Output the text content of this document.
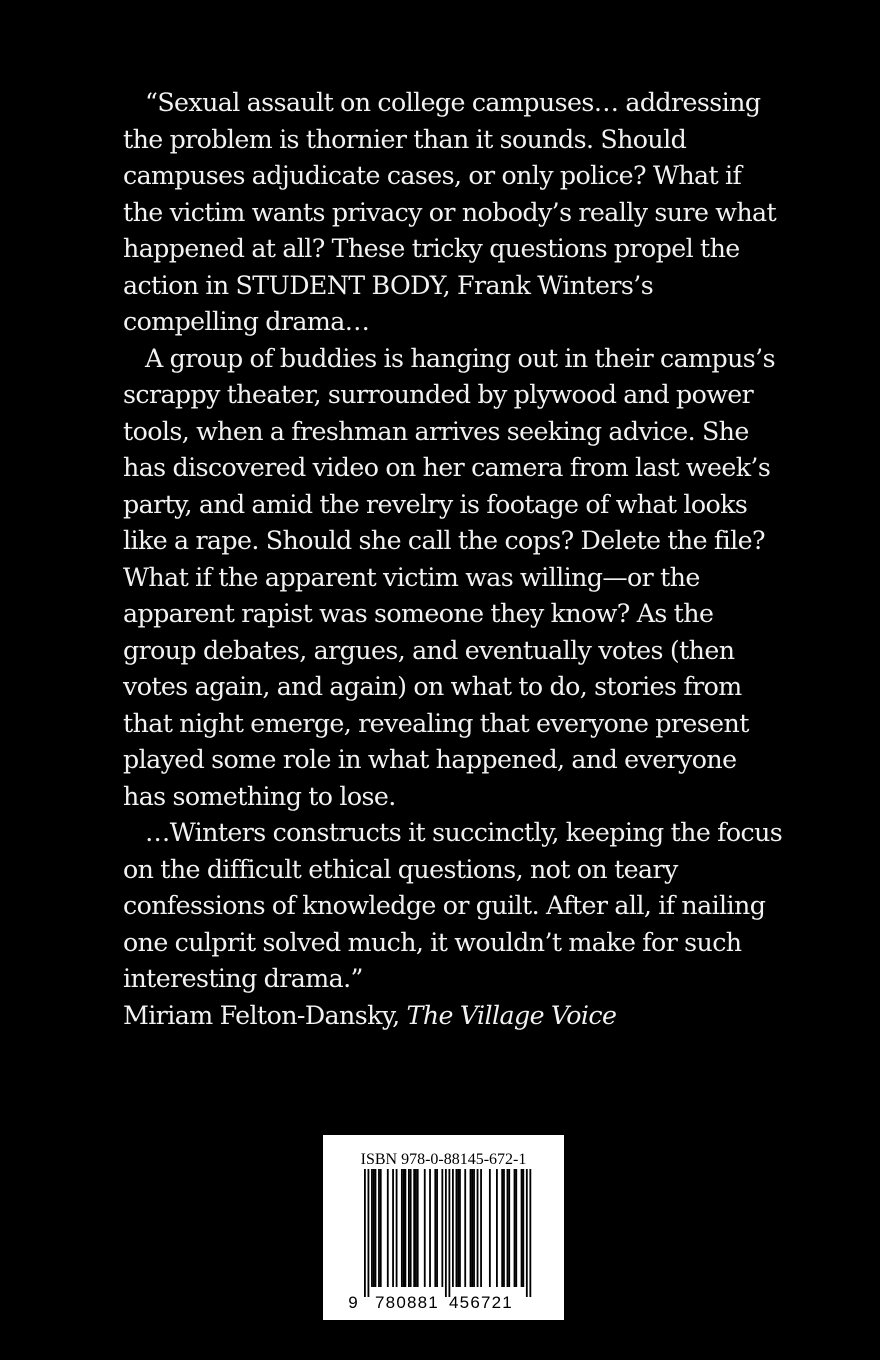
“Sexual assault on college campuses… addressing the problem is thornier than it sounds. Should campuses adjudicate cases, or only police? What if the victim wants privacy or nobody’s really sure what happened at all? These tricky questions propel the action in STUDENT BODY, Frank Winters’s compelling drama…

A group of buddies is hanging out in their campus’s scrappy theater, surrounded by plywood and power tools, when a freshman arrives seeking advice. She has discovered video on her camera from last week’s party, and amid the revelry is footage of what looks like a rape. Should she call the cops? Delete the file? What if the apparent victim was willing—or the apparent rapist was someone they know? As the group debates, argues, and eventually votes (then votes again, and again) on what to do, stories from that night emerge, revealing that everyone present played some role in what happened, and everyone has something to lose.

…Winters constructs it succinctly, keeping the focus on the difficult ethical questions, not on teary confessions of knowledge or guilt. After all, if nailing one culprit solved much, it wouldn’t make for such interesting drama.”

Miriam Felton-Dansky, The Village Voice

ISBN 978-0-88145-672-1
9 780881 456721
